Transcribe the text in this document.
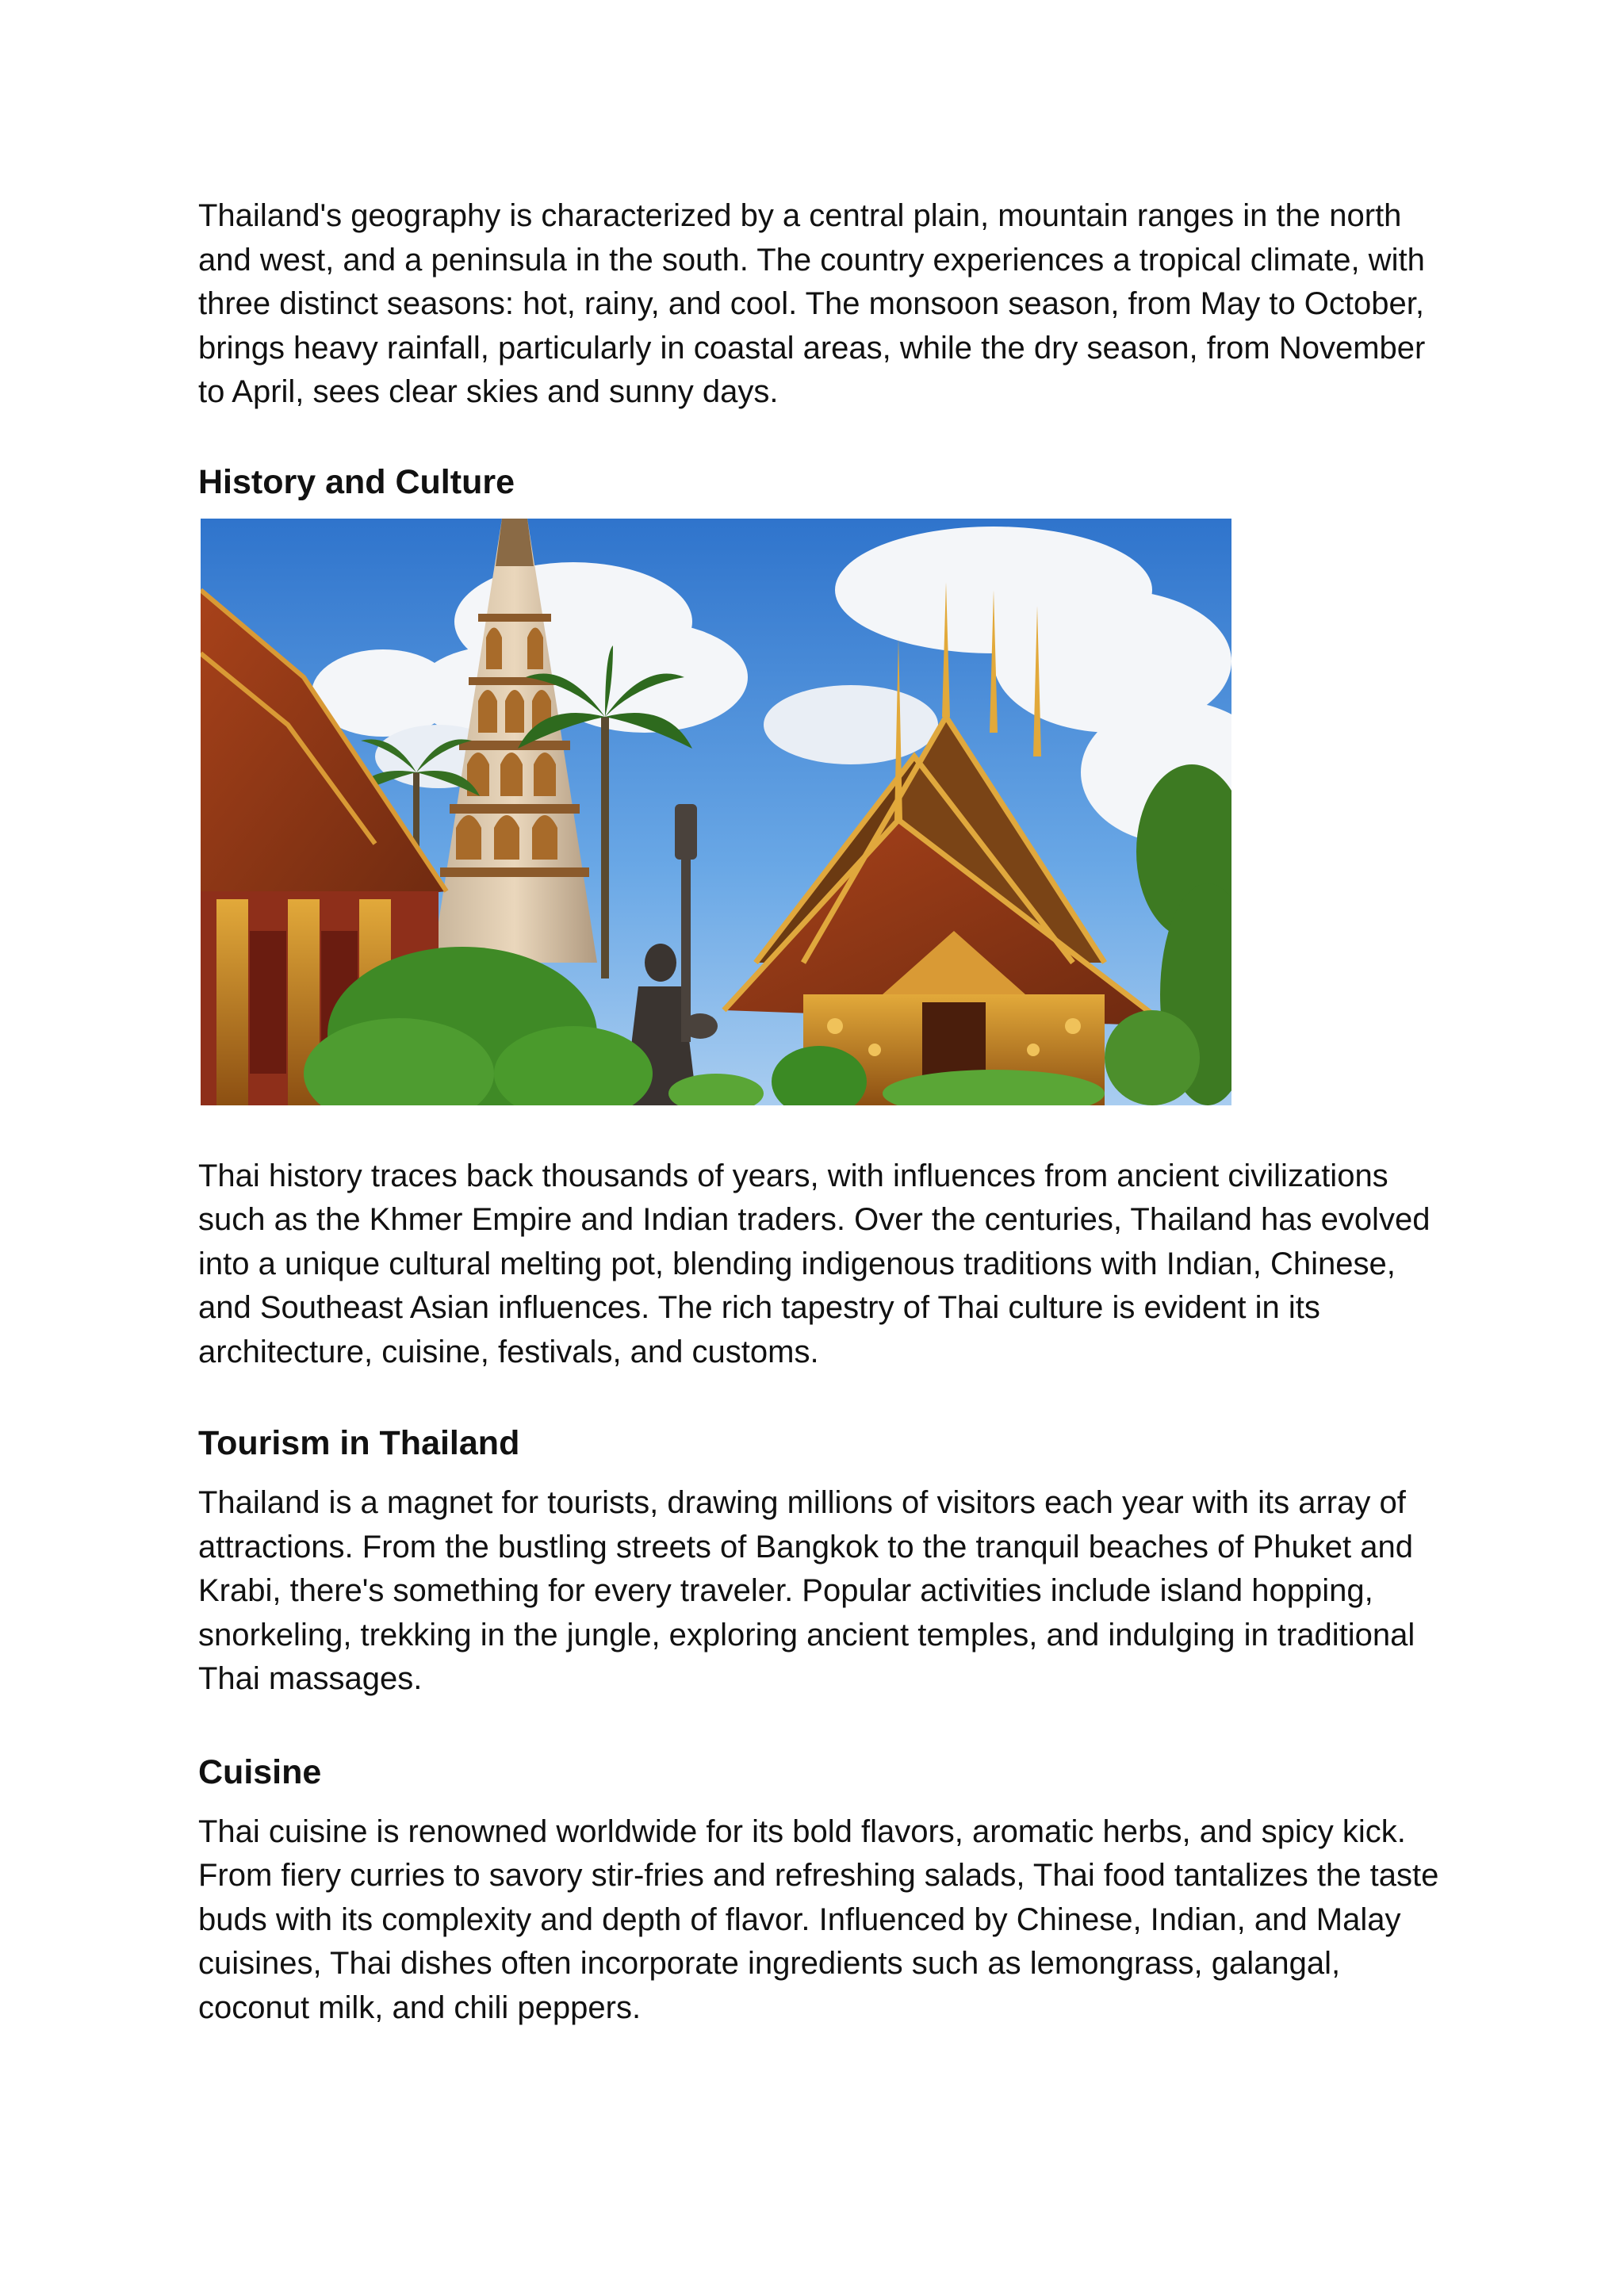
Thailand's geography is characterized by a central plain, mountain ranges in the north and west, and a peninsula in the south. The country experiences a tropical climate, with three distinct seasons: hot, rainy, and cool. The monsoon season, from May to October, brings heavy rainfall, particularly in coastal areas, while the dry season, from November to April, sees clear skies and sunny days.

History and Culture

Thai history traces back thousands of years, with influences from ancient civilizations such as the Khmer Empire and Indian traders. Over the centuries, Thailand has evolved into a unique cultural melting pot, blending indigenous traditions with Indian, Chinese, and Southeast Asian influences. The rich tapestry of Thai culture is evident in its architecture, cuisine, festivals, and customs.

Tourism in Thailand

Thailand is a magnet for tourists, drawing millions of visitors each year with its array of attractions. From the bustling streets of Bangkok to the tranquil beaches of Phuket and Krabi, there's something for every traveler. Popular activities include island hopping, snorkeling, trekking in the jungle, exploring ancient temples, and indulging in traditional Thai massages.

Cuisine

Thai cuisine is renowned worldwide for its bold flavors, aromatic herbs, and spicy kick. From fiery curries to savory stir-fries and refreshing salads, Thai food tantalizes the taste buds with its complexity and depth of flavor. Influenced by Chinese, Indian, and Malay cuisines, Thai dishes often incorporate ingredients such as lemongrass, galangal, coconut milk, and chili peppers.
